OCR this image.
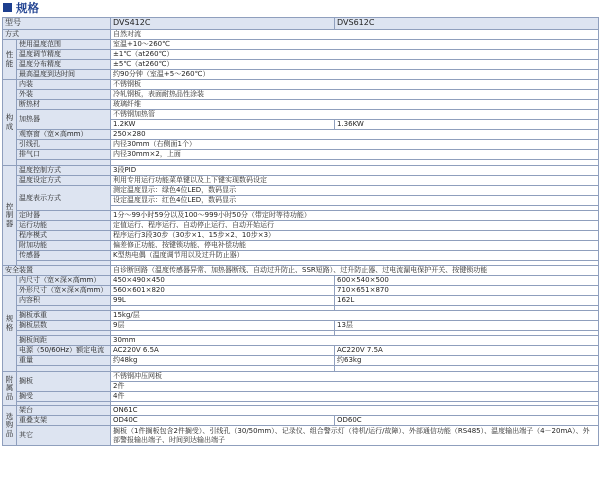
规格
型号		DVS412C	DVS612C
方式		自然对流	
性能	使用温度范围	室温+10～260℃	
	温度调节精度	±1℃（at260℃）	
	温度分布精度	±5℃（at260℃）	
	最高温度到达时间	约90分钟（室温+5～260℃）	
构成	内装	不锈钢板	
	外装	冷轧钢板，表面耐热品性涂装	
	断热材	玻璃纤维	
	加热器	不锈钢加热管	
		1.2KW	1.36KW
	观察窗（宽×高mm）	250×280	
	引线孔	内径30mm（右侧面1个）	
	排气口	内径30mm×2，上面	

控制器	温度控制方式	3段PID	
	温度设定方式	利用专用运行功能菜单键以及上下键实现数码设定	
	温度表示方式	测定温度显示：绿色4位LED，数码显示	
		设定温度显示：红色4位LED，数码显示	

	定时器	1分～99小时59分以及100～999小时50分（带定时等待功能）	
	运行功能	定值运行、程序运行、自动停止运行、自动开始运行	
	程序模式	程序运行3段30步（30步×1、15步×2、10步×3）	
	附加功能	偏差修正功能、按键锁功能、停电补偿功能	
	传感器	K型热电偶（温度调节用以及过升防止器）	

安全装置		自诊断回路（温度传感器异常、加热器断线、自动过升防止、SSR短路）、过升防止器、过电流漏电保护开关、按键锁功能	
规格	内尺寸（宽×深×高mm）	450×490×450	600×540×500
	外形尺寸（宽×深×高mm）	560×601×820	710×651×870
	内容积	99L	162L

	搁板承重	15kg/层	
	搁板层数	9层	13层

	搁板间距	30mm	
	电源（50/60Hz）额定电流	AC220V 6.5A	AC220V 7.5A
	重量	约48kg	约63kg

附属品	搁板	不锈钢冲压网板	
		2件	
	搁受	4件	

选购品	架台	ON61C	
	重叠支架	OD40C	OD60C
	其它	搁板（1件搁板包含2件搁受）、引线孔（30/50mm）、记录仪、组合警示灯（待机/运行/故障）、外部通信功能（RS485）、温度输出端子（4－20mA）、外部警报输出端子、时间到达输出端子	
